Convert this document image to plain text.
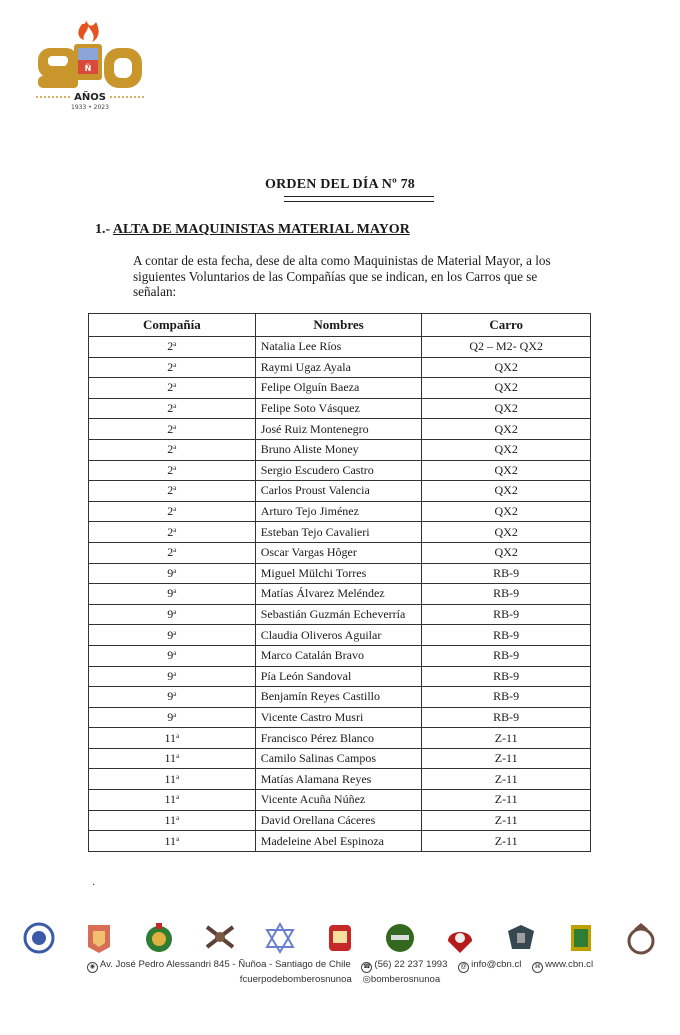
Ñ
AÑOS
1933 • 2023
ORDEN DEL DÍA Nº 78
1.- ALTA DE MAQUINISTAS MATERIAL MAYOR
A contar de esta fecha, dese de alta como Maquinistas de Material Mayor, a los siguientes Voluntarios de las Compañías que se indican, en los Carros que se señalan:
Compañía	Nombres	Carro
2$^a$	Natalia Lee Ríos	Q2 – M2- QX2
2$^a$	Raymi Ugaz Ayala	QX2
2$^a$	Felipe Olguín Baeza	QX2
2$^a$	Felipe Soto Vásquez	QX2
2$^a$	José Ruiz Montenegro	QX2
2$^a$	Bruno Aliste Money	QX2
2$^a$	Sergio Escudero Castro	QX2
2$^a$	Carlos Proust Valencia	QX2
2$^a$	Arturo Tejo Jiménez	QX2
2$^a$	Esteban Tejo Cavalieri	QX2
2$^a$	Oscar Vargas Hôger	QX2
9$^a$	Miguel Mülchi Torres	RB-9
9$^a$	Matías Álvarez Meléndez	RB-9
9$^a$	Sebastián Guzmán Echeverría	RB-9
9$^a$	Claudia Oliveros Aguilar	RB-9
9$^a$	Marco Catalán Bravo	RB-9
9$^a$	Pía León Sandoval	RB-9
9$^a$	Benjamín Reyes Castillo	RB-9
9$^a$	Vicente Castro Musri	RB-9
11$^a$	Francisco Pérez Blanco	Z-11
11$^a$	Camilo Salinas Campos	Z-11
11$^a$	Matías Alamana Reyes	Z-11
11$^a$	Vicente Acuña Núñez	Z-11
11$^a$	David Orellana Cáceres	Z-11
11$^a$	Madeleine Abel Espinoza	Z-11
·
◉ Av. José Pedro Alessandri 845 - Ñuñoa - Santiago de Chile ☎ (56) 22 237 1993 @ info@cbn.cl ⌘ www.cbn.cl
fcuerpodebomberosnunoa ◎bomberosnunoa
